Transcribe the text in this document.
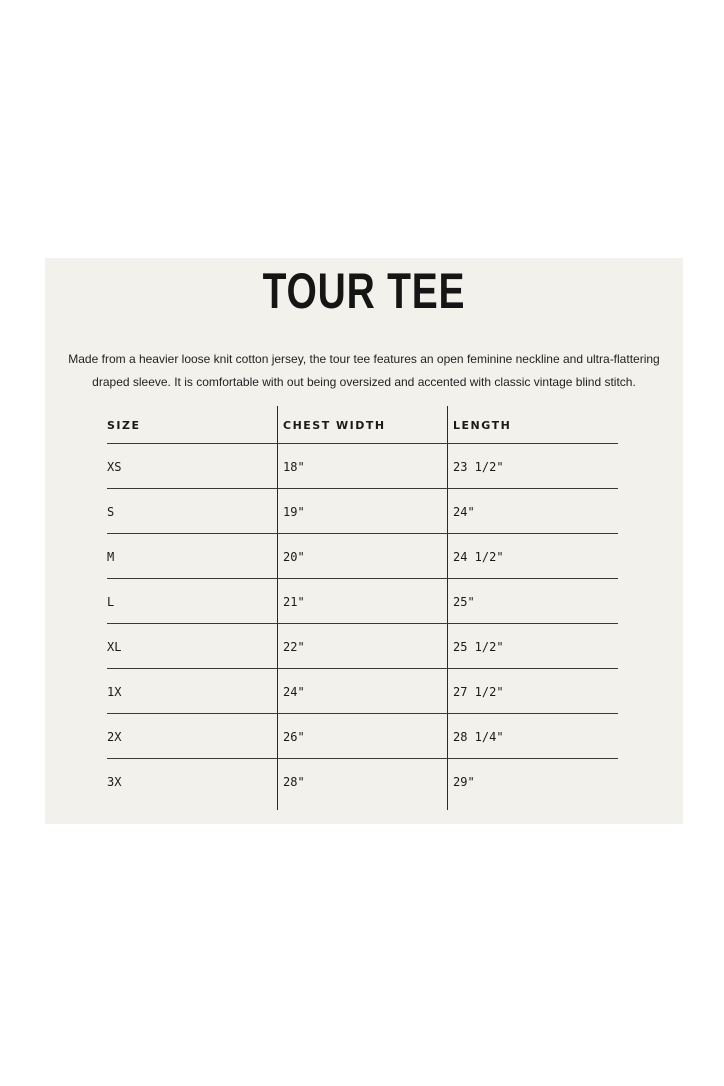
TOUR TEE
Made from a heavier loose knit cotton jersey, the tour tee features an open feminine neckline and ultra-flattering
draped sleeve. It is comfortable with out being oversized and accented with classic vintage blind stitch.
SIZE	CHEST WIDTH	LENGTH
XS	18"	23 1/2"
S	19"	24"
M	20"	24 1/2"
L	21"	25"
XL	22"	25 1/2"
1X	24"	27 1/2"
2X	26"	28 1/4"
3X	28"	29"
